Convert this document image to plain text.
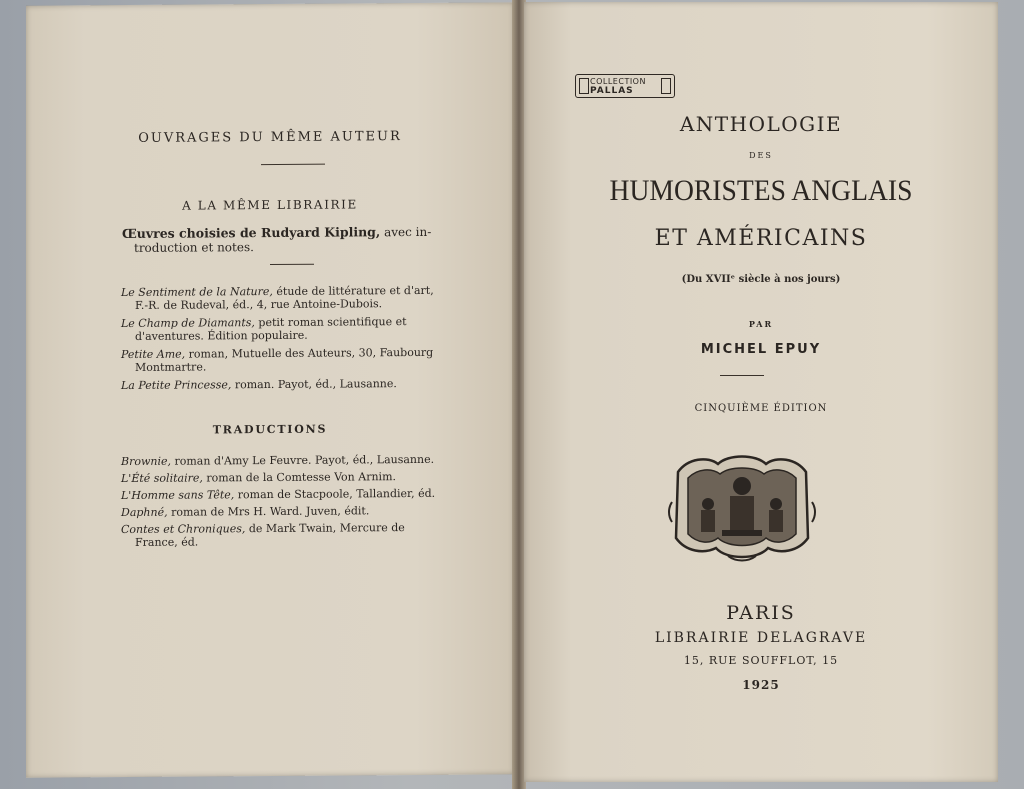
OUVRAGES DU MÊME AUTEUR
A LA MÊME LIBRAIRIE
Œuvres choisies de Rudyard Kipling, avec in-
troduction et notes.
Le Sentiment de la Nature, étude de littérature et d'art,
F.-R. de Rudeval, éd., 4, rue Antoine-Dubois.
Le Champ de Diamants, petit roman scientifique et
d'aventures. Édition populaire.
Petite Ame, roman, Mutuelle des Auteurs, 30, Faubourg
Montmartre.
La Petite Princesse, roman. Payot, éd., Lausanne.
TRADUCTIONS
Brownie, roman d'Amy Le Feuvre. Payot, éd., Lausanne.
L'Été solitaire, roman de la Comtesse Von Arnim.
L'Homme sans Tête, roman de Stacpoole, Tallandier, éd.
Daphné, roman de Mrs H. Ward. Juven, édit.
Contes et Chroniques, de Mark Twain, Mercure de
France, éd.
COLLECTION
PALLAS
ANTHOLOGIE
DES
HUMORISTES ANGLAIS
ET AMÉRICAINS
(Du XVIIᵉ siècle à nos jours)
PAR
MICHEL EPUY
CINQUIÈME ÉDITION
PARIS
LIBRAIRIE DELAGRAVE
15, RUE SOUFFLOT, 15
1925
